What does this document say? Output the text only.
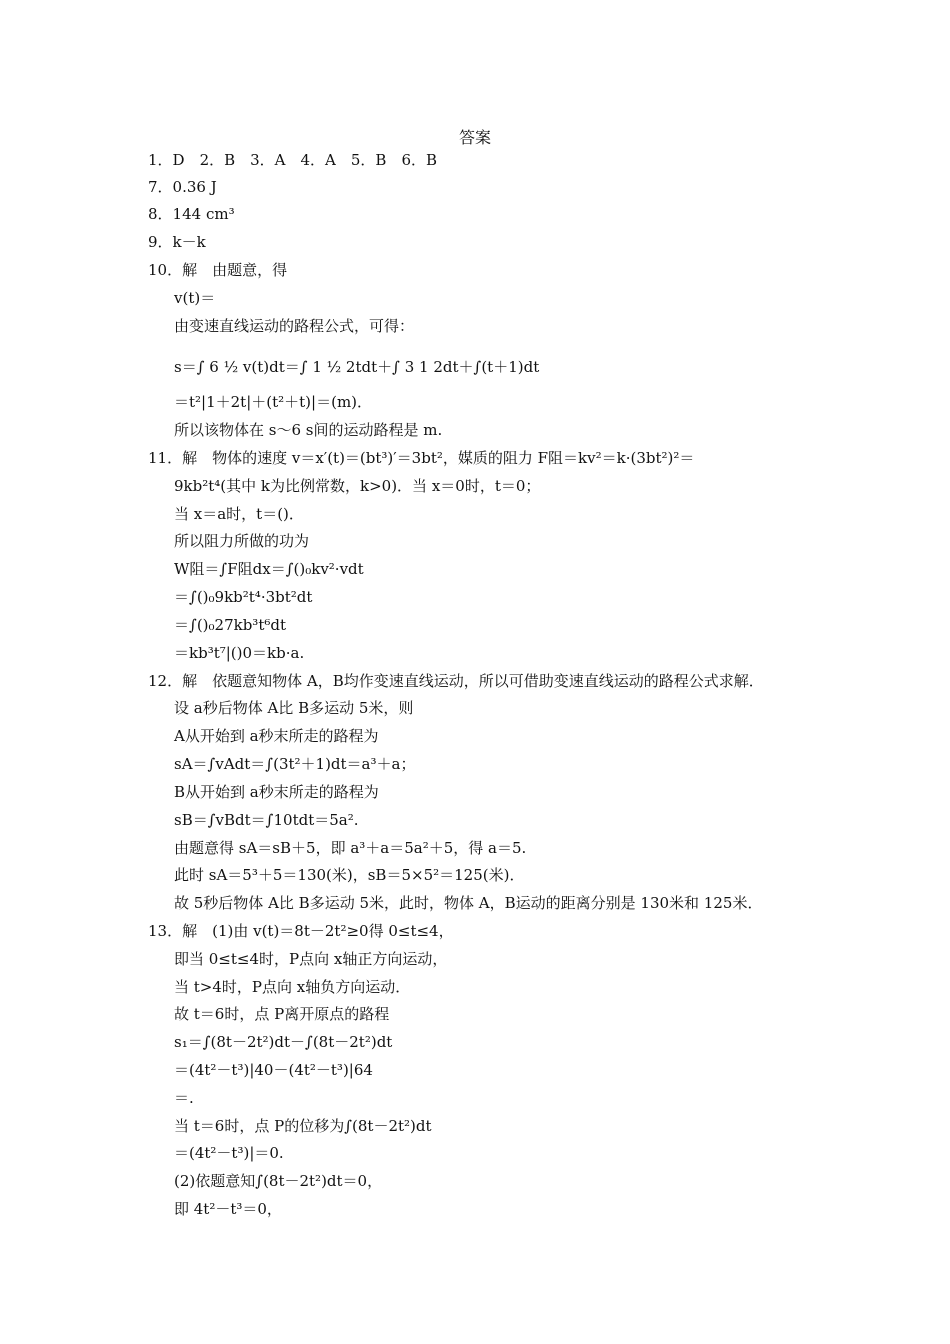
答案
1．D　2．B　3．A　4．A　5．B　6．B
7．0.36 J
8．144 cm³
9．k－k
10．解　由题意，得
v(t)＝
由变速直线运动的路程公式，可得：
s＝∫ 6 ½ v(t)dt＝∫ 1 ½ 2tdt＋∫ 3 1 2dt＋∫(t＋1)dt
＝t²|1＋2t|＋(t²＋t)|＝(m)．
所以该物体在 s～6 s间的运动路程是 m.
11．解　物体的速度 v＝x′(t)＝(bt³)′＝3bt²，媒质的阻力 F阻＝kv²＝k·(3bt²)²＝
9kb²t⁴(其中 k为比例常数，k>0)．当 x＝0时，t＝0；
当 x＝a时，t＝()．
所以阻力所做的功为
W阻＝∫F阻dx＝∫()₀kv²·vdt
＝∫()₀9kb²t⁴·3bt²dt
＝∫()₀27kb³t⁶dt
＝kb³t⁷|()0＝kb·a.
12．解　依题意知物体 A，B均作变速直线运动，所以可借助变速直线运动的路程公式求解．
设 a秒后物体 A比 B多运动 5米，则
A从开始到 a秒末所走的路程为
sA＝∫vAdt＝∫(3t²＋1)dt＝a³＋a；
B从开始到 a秒末所走的路程为
sB＝∫vBdt＝∫10tdt＝5a².
由题意得 sA＝sB＋5，即 a³＋a＝5a²＋5，得 a＝5.
此时 sA＝5³＋5＝130(米)，sB＝5×5²＝125(米)．
故 5秒后物体 A比 B多运动 5米，此时，物体 A，B运动的距离分别是 130米和 125米．
13．解　(1)由 v(t)＝8t－2t²≥0得 0≤t≤4，
即当 0≤t≤4时，P点向 x轴正方向运动，
当 t>4时，P点向 x轴负方向运动．
故 t＝6时，点 P离开原点的路程
s₁＝∫(8t－2t²)dt－∫(8t－2t²)dt
＝(4t²－t³)|40－(4t²－t³)|64
＝.
当 t＝6时，点 P的位移为∫(8t－2t²)dt
＝(4t²－t³)|＝0.
(2)依题意知∫(8t－2t²)dt＝0，
即 4t²－t³＝0，
